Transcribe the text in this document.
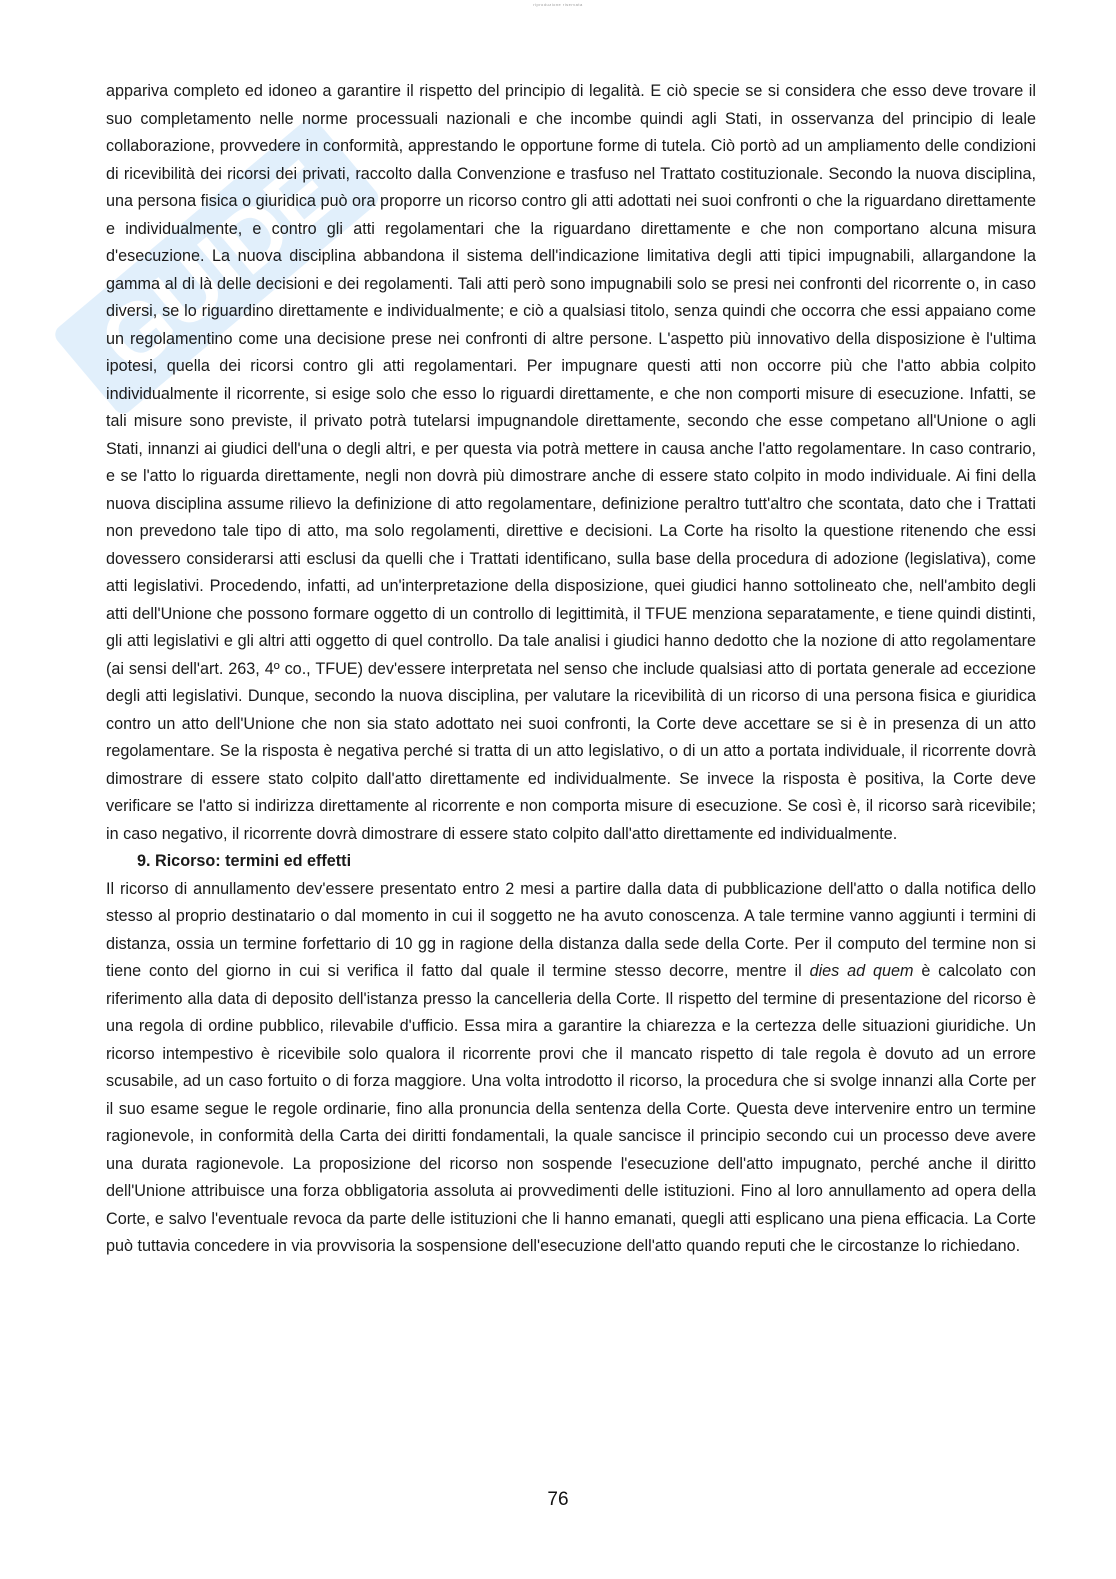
riproduzione riservata
GUIDE

appariva completo ed idoneo a garantire il rispetto del principio di legalità. E ciò specie se si considera che esso deve trovare il suo completamento nelle norme processuali nazionali e che incombe quindi agli Stati, in osservanza del principio di leale collaborazione, provvedere in conformità, apprestando le opportune forme di tutela. Ciò portò ad un ampliamento delle condizioni di ricevibilità dei ricorsi dei privati, raccolto dalla Convenzione e trasfuso nel Trattato costituzionale. Secondo la nuova disciplina, una persona fisica o giuridica può ora proporre un ricorso contro gli atti adottati nei suoi confronti o che la riguardano direttamente e individualmente, e contro gli atti regolamentari che la riguardano direttamente e che non comportano alcuna misura d'esecuzione. La nuova disciplina abbandona il sistema dell'indicazione limitativa degli atti tipici impugnabili, allargandone la gamma al di là delle decisioni e dei regolamenti. Tali atti però sono impugnabili solo se presi nei confronti del ricorrente o, in caso diversi, se lo riguardino direttamente e individualmente; e ciò a qualsiasi titolo, senza quindi che occorra che essi appaiano come un regolamentino come una decisione prese nei confronti di altre persone. L'aspetto più innovativo della disposizione è l'ultima ipotesi, quella dei ricorsi contro gli atti regolamentari. Per impugnare questi atti non occorre più che l'atto abbia colpito individualmente il ricorrente, si esige solo che esso lo riguardi direttamente, e che non comporti misure di esecuzione. Infatti, se tali misure sono previste, il privato potrà tutelarsi impugnandole direttamente, secondo che esse competano all'Unione o agli Stati, innanzi ai giudici dell'una o degli altri, e per questa via potrà mettere in causa anche l'atto regolamentare. In caso contrario, e se l'atto lo riguarda direttamente, negli non dovrà più dimostrare anche di essere stato colpito in modo individuale. Ai fini della nuova disciplina assume rilievo la definizione di atto regolamentare, definizione peraltro tutt'altro che scontata, dato che i Trattati non prevedono tale tipo di atto, ma solo regolamenti, direttive e decisioni. La Corte ha risolto la questione ritenendo che essi dovessero considerarsi atti esclusi da quelli che i Trattati identificano, sulla base della procedura di adozione (legislativa), come atti legislativi. Procedendo, infatti, ad un'interpretazione della disposizione, quei giudici hanno sottolineato che, nell'ambito degli atti dell'Unione che possono formare oggetto di un controllo di legittimità, il TFUE menziona separatamente, e tiene quindi distinti, gli atti legislativi e gli altri atti oggetto di quel controllo. Da tale analisi i giudici hanno dedotto che la nozione di atto regolamentare (ai sensi dell'art. 263, 4º co., TFUE) dev'essere interpretata nel senso che include qualsiasi atto di portata generale ad eccezione degli atti legislativi. Dunque, secondo la nuova disciplina, per valutare la ricevibilità di un ricorso di una persona fisica e giuridica contro un atto dell'Unione che non sia stato adottato nei suoi confronti, la Corte deve accettare se si è in presenza di un atto regolamentare. Se la risposta è negativa perché si tratta di un atto legislativo, o di un atto a portata individuale, il ricorrente dovrà dimostrare di essere stato colpito dall'atto direttamente ed individualmente. Se invece la risposta è positiva, la Corte deve verificare se l'atto si indirizza direttamente al ricorrente e non comporta misure di esecuzione. Se così è, il ricorso sarà ricevibile; in caso negativo, il ricorrente dovrà dimostrare di essere stato colpito dall'atto direttamente ed individualmente.

9. Ricorso: termini ed effetti

Il ricorso di annullamento dev'essere presentato entro 2 mesi a partire dalla data di pubblicazione dell'atto o dalla notifica dello stesso al proprio destinatario o dal momento in cui il soggetto ne ha avuto conoscenza. A tale termine vanno aggiunti i termini di distanza, ossia un termine forfettario di 10 gg in ragione della distanza dalla sede della Corte. Per il computo del termine non si tiene conto del giorno in cui si verifica il fatto dal quale il termine stesso decorre, mentre il dies ad quem è calcolato con riferimento alla data di deposito dell'istanza presso la cancelleria della Corte. Il rispetto del termine di presentazione del ricorso è una regola di ordine pubblico, rilevabile d'ufficio. Essa mira a garantire la chiarezza e la certezza delle situazioni giuridiche. Un ricorso intempestivo è ricevibile solo qualora il ricorrente provi che il mancato rispetto di tale regola è dovuto ad un errore scusabile, ad un caso fortuito o di forza maggiore. Una volta introdotto il ricorso, la procedura che si svolge innanzi alla Corte per il suo esame segue le regole ordinarie, fino alla pronuncia della sentenza della Corte. Questa deve intervenire entro un termine ragionevole, in conformità della Carta dei diritti fondamentali, la quale sancisce il principio secondo cui un processo deve avere una durata ragionevole. La proposizione del ricorso non sospende l'esecuzione dell'atto impugnato, perché anche il diritto dell'Unione attribuisce una forza obbligatoria assoluta ai provvedimenti delle istituzioni. Fino al loro annullamento ad opera della Corte, e salvo l'eventuale revoca da parte delle istituzioni che li hanno emanati, quegli atti esplicano una piena efficacia. La Corte può tuttavia concedere in via provvisoria la sospensione dell'esecuzione dell'atto quando reputi che le circostanze lo richiedano.

76
